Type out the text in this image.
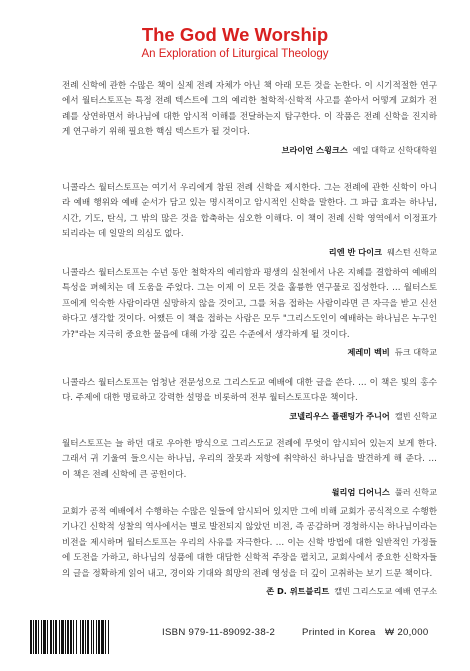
The God We Worship
An Exploration of Liturgical Theology

전례 신학에 관한 수많은 책이 실제 전례 자체가 아닌 책 아래 모든 것을 논한다. 이 시기적절한 연구에서 월터스토프는 특정 전례 텍스트에 그의 예리한 철학적·신학적 사고를 쏟아서 어떻게 교회가 전례를 상연하면서 하나님에 대한 암시적 이해를 전달하는지 탐구한다. 이 작품은 전례 신학을 진지하게 연구하기 위해 필요한 핵심 텍스트가 될 것이다.

브라이언 스윙크스 예일 대학교 신학대학원

니콜라스 월터스토프는 여기서 우리에게 참된 전례 신학을 제시한다. 그는 전례에 관한 신학이 아니라 예배 행위와 예배 순서가 담고 있는 명시적이고 암시적인 신학을 말한다. 그 파급 효과는 하나님, 시간, 기도, 탄식, 그 밖의 많은 것을 합축하는 심오한 이해다. 이 책이 전례 신학 영역에서 이정표가 되리라는 데 일말의 의심도 없다.

리엔 반 다이크 웨스턴 신학교

니콜라스 월터스토프는 수년 동안 철학자의 예리함과 평생의 실천에서 나온 지혜를 결합하여 예배의 특성을 펴헤치는 데 도움을 주었다. 그는 이제 이 모든 것을 훌륭한 연구물로 집성한다. … 월터스토프에게 익숙한 사람이라면 실망하지 않을 것이고, 그를 처음 접하는 사람이라면 큰 자극을 받고 신선하다고 생각할 것이다. 어쨌든 이 책을 접하는 사람은 모두 "그리스도인이 예배하는 하나님은 누구인가?"라는 지극히 중요한 물음에 대해 가장 깊은 수준에서 생각하게 될 것이다.

제레미 벡비 듀크 대학교

니콜라스 월터스토프는 엄청난 전문성으로 그리스도교 예배에 대한 글을 쓴다. … 이 책은 빛의 홍수다. 주제에 대한 명료하고 강력한 설명을 비롯하여 전부 월터스토프다운 책이다.

코넬리우스 플랜팅가 주니어 캘빈 신학교

월터스토프는 늘 하던 대로 우아한 방식으로 그리스도교 전례에 무엇이 암시되어 있는지 보게 한다. 그래서 귀 기울여 들으시는 하나님, 우리의 잘못과 저항에 취약하신 하나님을 발견하게 해 준다. … 이 책은 전례 신학에 큰 공헌이다.

윌리엄 디어니스 풀러 신학교

교회가 공적 예배에서 수행하는 수많은 일들에 암시되어 있지만 그에 비해 교회가 공식적으로 수행한 기나긴 신학적 성찰의 역사에서는 별로 발전되지 않았던 비전, 즉 공감하며 경청하시는 하나님이라는 비전을 제시하며 월터스토프는 우리의 사유를 자극한다. … 이는 신학 방법에 대한 일반적인 가정들에 도전을 가하고, 하나님의 성품에 대한 대담한 신학적 주장을 펼치고, 교회사에서 중요한 신학자들의 글을 정확하게 읽어 내고, 경이와 기대와 희망의 전례 영성을 더 깊이 고취하는 보기 드문 책이다.

존 D. 위트블리트 캘빈 그리스도교 예배 연구소
ISBN 979-11-89092-38-2	Printed in Korea ₩ 20,000
